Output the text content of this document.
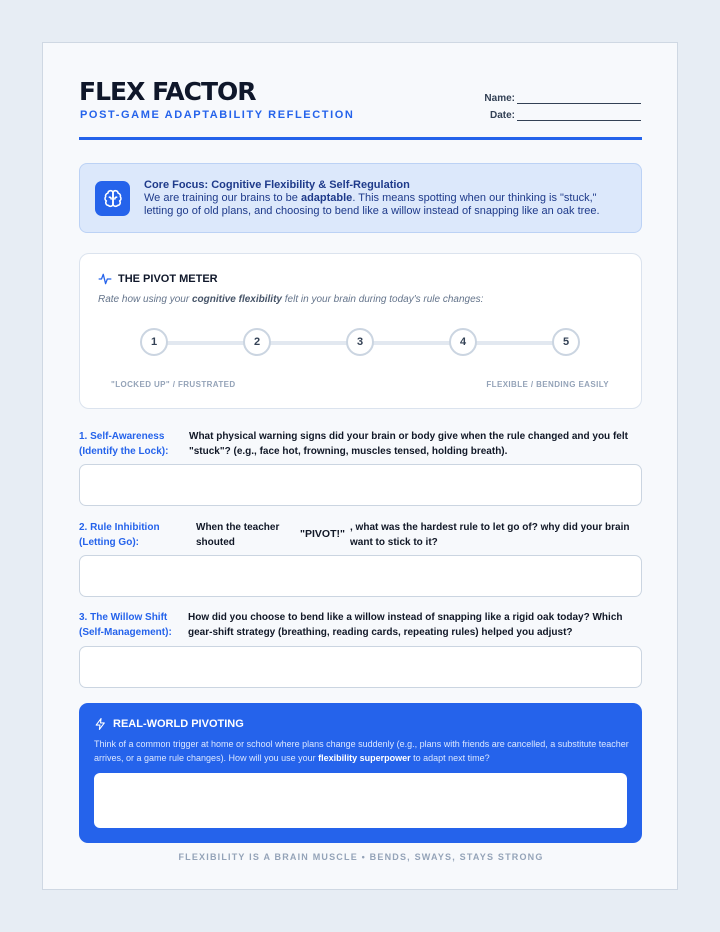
FLEX FACTOR
POST-GAME ADAPTABILITY REFLECTION
Name:
Date:
Core Focus: Cognitive Flexibility & Self-Regulation
We are training our brains to be adaptable. This means spotting when our thinking is "stuck," letting go of old plans, and choosing to bend like a willow instead of snapping like an oak tree.
THE PIVOT METER
Rate how using your cognitive flexibility felt in your brain during today's rule changes:
1	2	3	4	5
"LOCKED UP" / FRUSTRATED	FLEXIBLE / BENDING EASILY
1. Self-Awareness
(Identify the Lock):
What physical warning signs did your brain or body give when the rule changed and you felt "stuck"? (e.g., face hot, frowning, muscles tensed, holding breath).
2. Rule Inhibition
(Letting Go):
When the teacher shouted
"PIVOT!"
, what was the hardest rule to let go of? why did your brain want to stick to it?
3. The Willow Shift
(Self-Management):
How did you choose to bend like a willow instead of snapping like a rigid oak today? Which gear-shift strategy (breathing, reading cards, repeating rules) helped you adjust?
REAL-WORLD PIVOTING
Think of a common trigger at home or school where plans change suddenly (e.g., plans with friends are cancelled, a substitute teacher arrives, or a game rule changes). How will you use your flexibility superpower to adapt next time?
FLEXIBILITY IS A BRAIN MUSCLE • BENDS, SWAYS, STAYS STRONG
